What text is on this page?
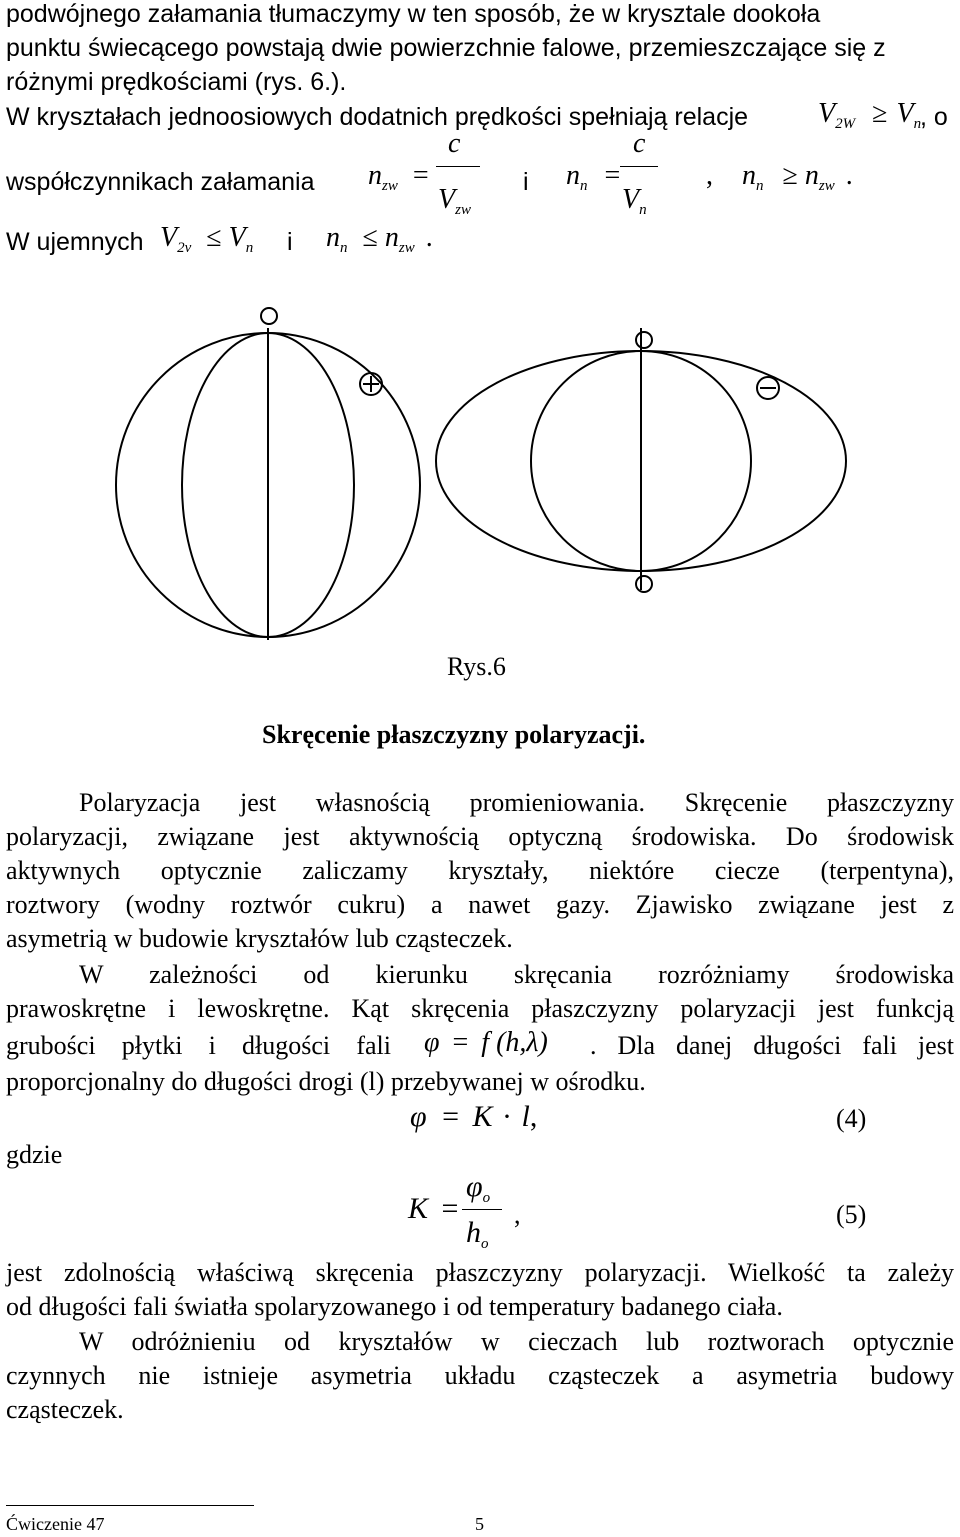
podwójnego załamania tłumaczymy w ten sposób, że w krysztale dookoła
punktu świecącego powstają dwie powierzchnie falowe, przemieszczające się z
różnymi prędkościami (rys. 6.).
W kryształach jednoosiowych dodatnich prędkości spełniają relacje $V_{2W} \ge V_n$
, o
współczynnikach załamania $n_{zw}$ =
c
$V_{zw}$
i $n_n$ =
c
$V_n$
, $n_n \ge n_{zw}$ .
W ujemnych $V_{2v} \le V_n$ i $n_n \le n_{zw}$ .
Rys.6
Skręcenie płaszczyzny polaryzacji.
Polaryzacja jest własnością promieniowania. Skręcenie płaszczyzny
polaryzacji, związane jest aktywnością optyczną środowiska. Do środowisk
aktywnych optycznie zaliczamy kryształy, niektóre ciecze (terpentyna),
roztwory (wodny roztwór cukru) a nawet gazy. Zjawisko związane jest z
asymetrią w budowie kryształów lub cząsteczek.
W zależności od kierunku skręcania rozróżniamy środowiska
prawoskrętne i lewoskrętne. Kąt skręcenia płaszczyzny polaryzacji jest funkcją
grubości płytki i długości fali φ = f (h,λ) . Dla danej długości fali jest
proporcjonalny do długości drogi (l) przebywanej w ośrodku.
φ = K · l,	(4)
gdzie
K =
$\varphi_o$
$h_o$
,	(5)
jest zdolnością właściwą skręcenia płaszczyzny polaryzacji. Wielkość ta zależy
od długości fali światła spolaryzowanego i od temperatury badanego ciała.
W odróżnieniu od kryształów w cieczach lub roztworach optycznie
czynnych nie istnieje asymetria układu cząsteczek a asymetria budowy
cząsteczek.
Ćwiczenie 47	5
